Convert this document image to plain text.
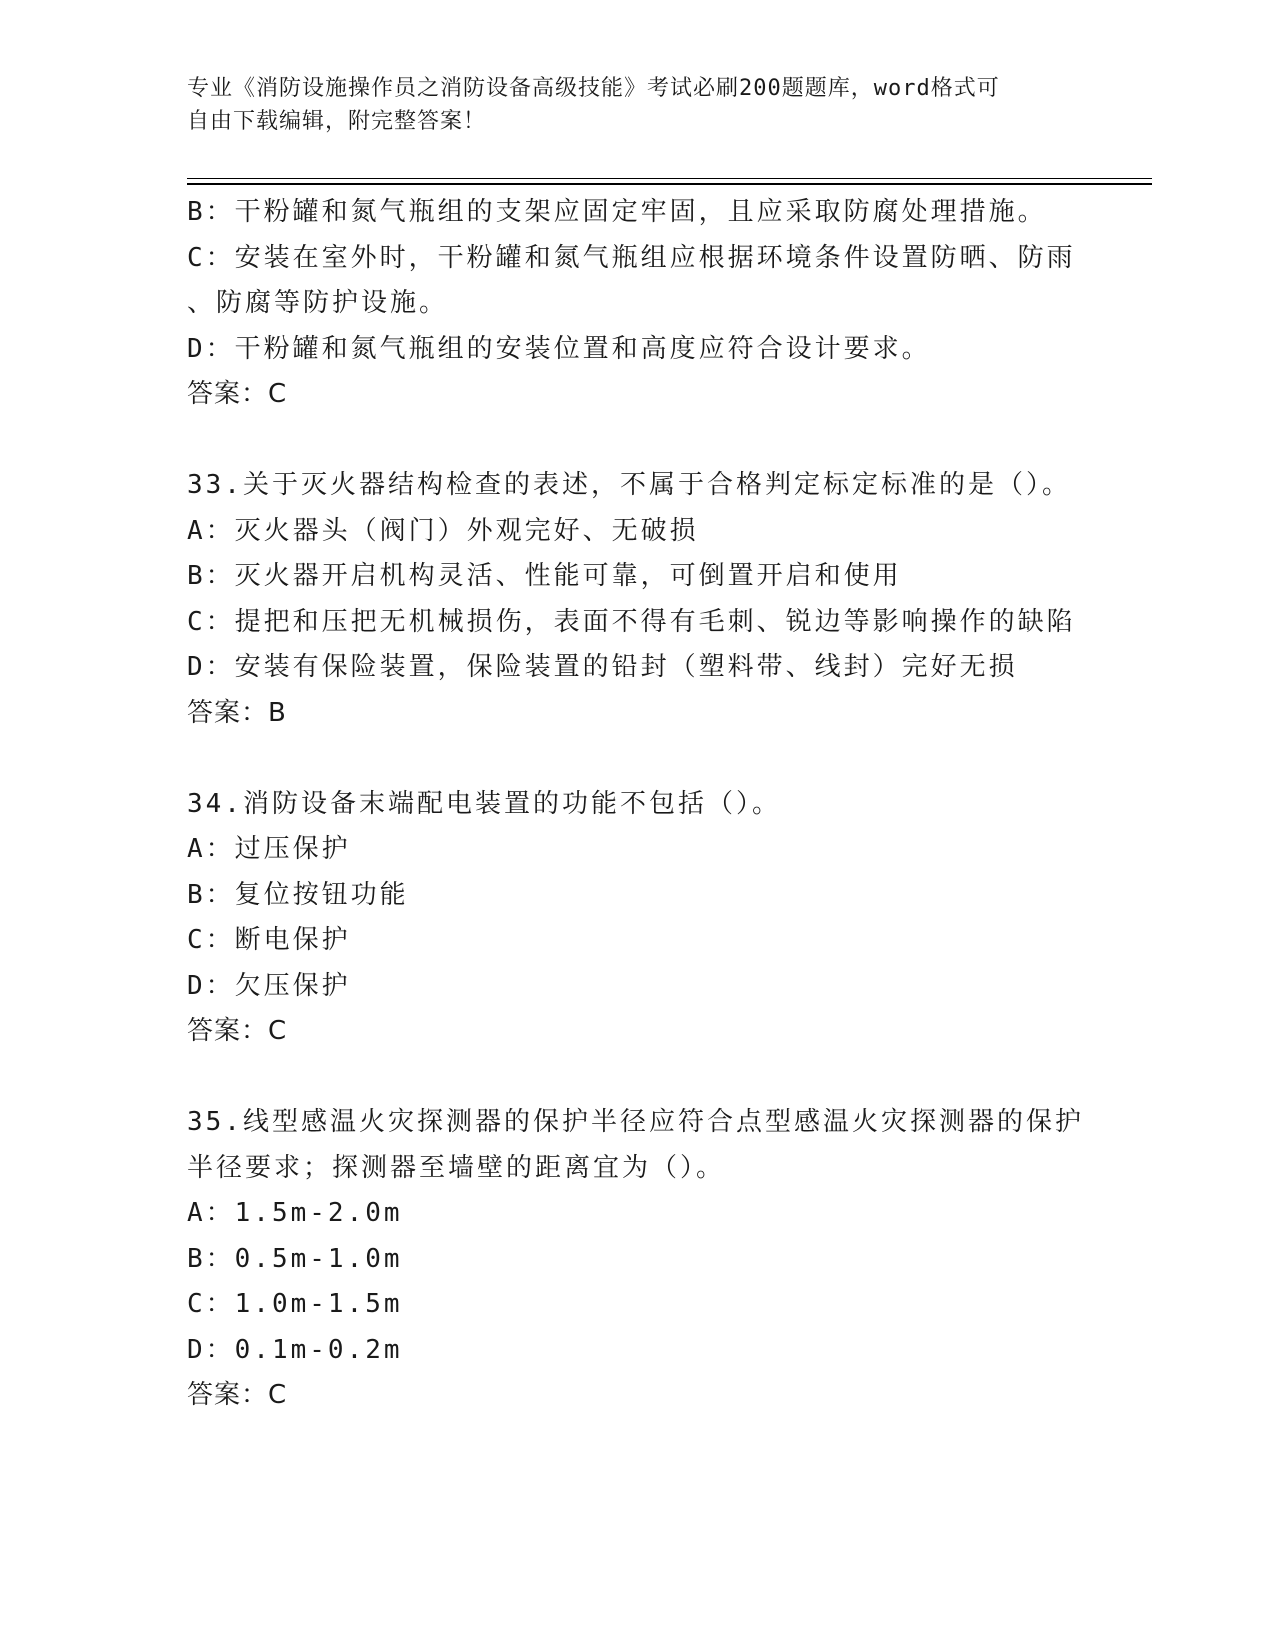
专业《消防设施操作员之消防设备高级技能》考试必刷200题题库，word格式可
自由下载编辑，附完整答案！
B：干粉罐和氮气瓶组的支架应固定牢固，且应采取防腐处理措施。
C：安装在室外时，干粉罐和氮气瓶组应根据环境条件设置防晒、防雨
、防腐等防护设施。
D：干粉罐和氮气瓶组的安装位置和高度应符合设计要求。
答案：C
33.关于灭火器结构检查的表述，不属于合格判定标定标准的是（）。
A：灭火器头（阀门）外观完好、无破损
B：灭火器开启机构灵活、性能可靠，可倒置开启和使用
C：提把和压把无机械损伤，表面不得有毛刺、锐边等影响操作的缺陷
D：安装有保险装置，保险装置的铅封（塑料带、线封）完好无损
答案：B
34.消防设备末端配电装置的功能不包括（）。
A：过压保护
B：复位按钮功能
C：断电保护
D：欠压保护
答案：C
35.线型感温火灾探测器的保护半径应符合点型感温火灾探测器的保护
半径要求；探测器至墙壁的距离宜为（）。
A：1.5m-2.0m
B：0.5m-1.0m
C：1.0m-1.5m
D：0.1m-0.2m
答案：C
